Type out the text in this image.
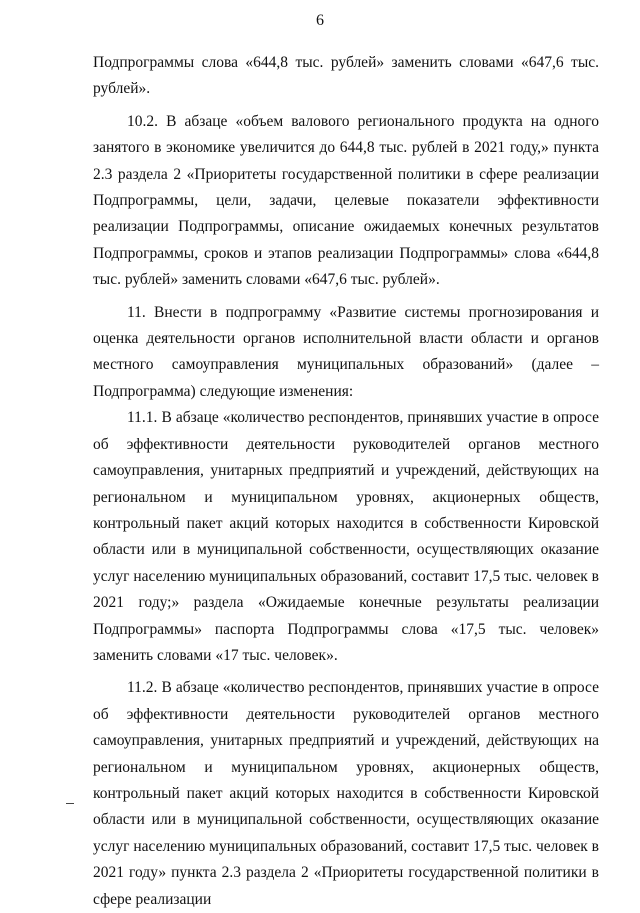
6

Подпрограммы слова «644,8 тыс. рублей» заменить словами «647,6 тыс. рублей».

10.2. В абзаце «объем валового регионального продукта на одного занятого в экономике увеличится до 644,8 тыс. рублей в 2021 году,» пункта 2.3 раздела 2 «Приоритеты государственной политики в сфере реализации Подпрограммы, цели, задачи, целевые показатели эффективности реализации Подпрограммы, описание ожидаемых конечных результатов Подпрограммы, сроков и этапов реализации Подпрограммы» слова «644,8 тыс. рублей» заменить словами «647,6 тыс. рублей».

11. Внести в подпрограмму «Развитие системы прогнозирования и оценка деятельности органов исполнительной власти области и органов местного самоуправления муниципальных образований» (далее – Подпрограмма) следующие изменения:

11.1. В абзаце «количество респондентов, принявших участие в опросе об эффективности деятельности руководителей органов местного самоуправления, унитарных предприятий и учреждений, действующих на региональном и муниципальном уровнях, акционерных обществ, контрольный пакет акций которых находится в собственности Кировской области или в муниципальной собственности, осуществляющих оказание услуг населению муниципальных образований, составит 17,5 тыс. человек в 2021 году;» раздела «Ожидаемые конечные результаты реализации Подпрограммы» паспорта Подпрограммы слова «17,5 тыс. человек» заменить словами «17 тыс. человек».

11.2. В абзаце «количество респондентов, принявших участие в опросе об эффективности деятельности руководителей органов местного самоуправления, унитарных предприятий и учреждений, действующих на региональном и муниципальном уровнях, акционерных обществ, контрольный пакет акций которых находится в собственности Кировской области или в муниципальной собственности, осуществляющих оказание услуг населению муниципальных образований, составит 17,5 тыс. человек в 2021 году» пункта 2.3 раздела 2 «Приоритеты государственной политики в сфере реализации
